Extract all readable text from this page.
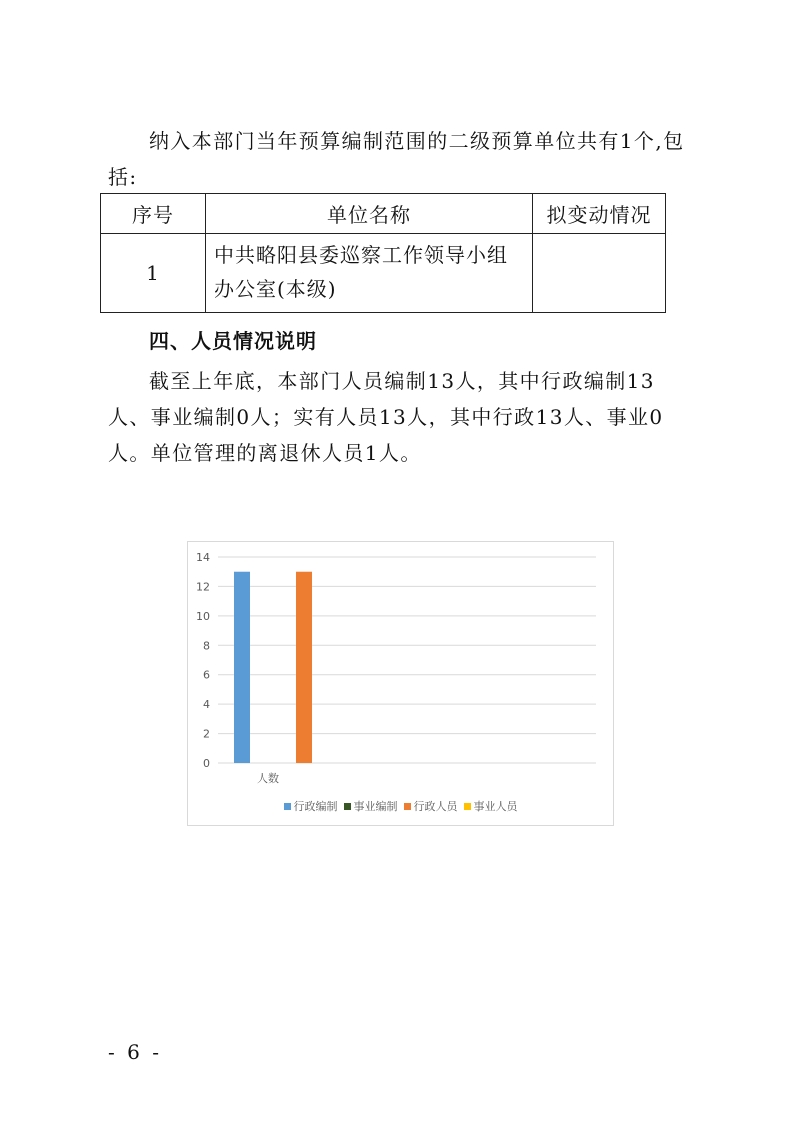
纳入本部门当年预算编制范围的二级预算单位共有1个,包括:

序号	单位名称	拟变动情况
1	中共略阳县委巡察工作领导小组办公室(本级)	
四、人员情况说明

截至上年底，本部门人员编制13人，其中行政编制13人、事业编制0人；实有人员13人，其中行政13人、事业0人。单位管理的离退休人员1人。

0
2
4
6
8
10
12
14
人数
行政编制 事业编制 行政人员 事业人员
- 6 -
